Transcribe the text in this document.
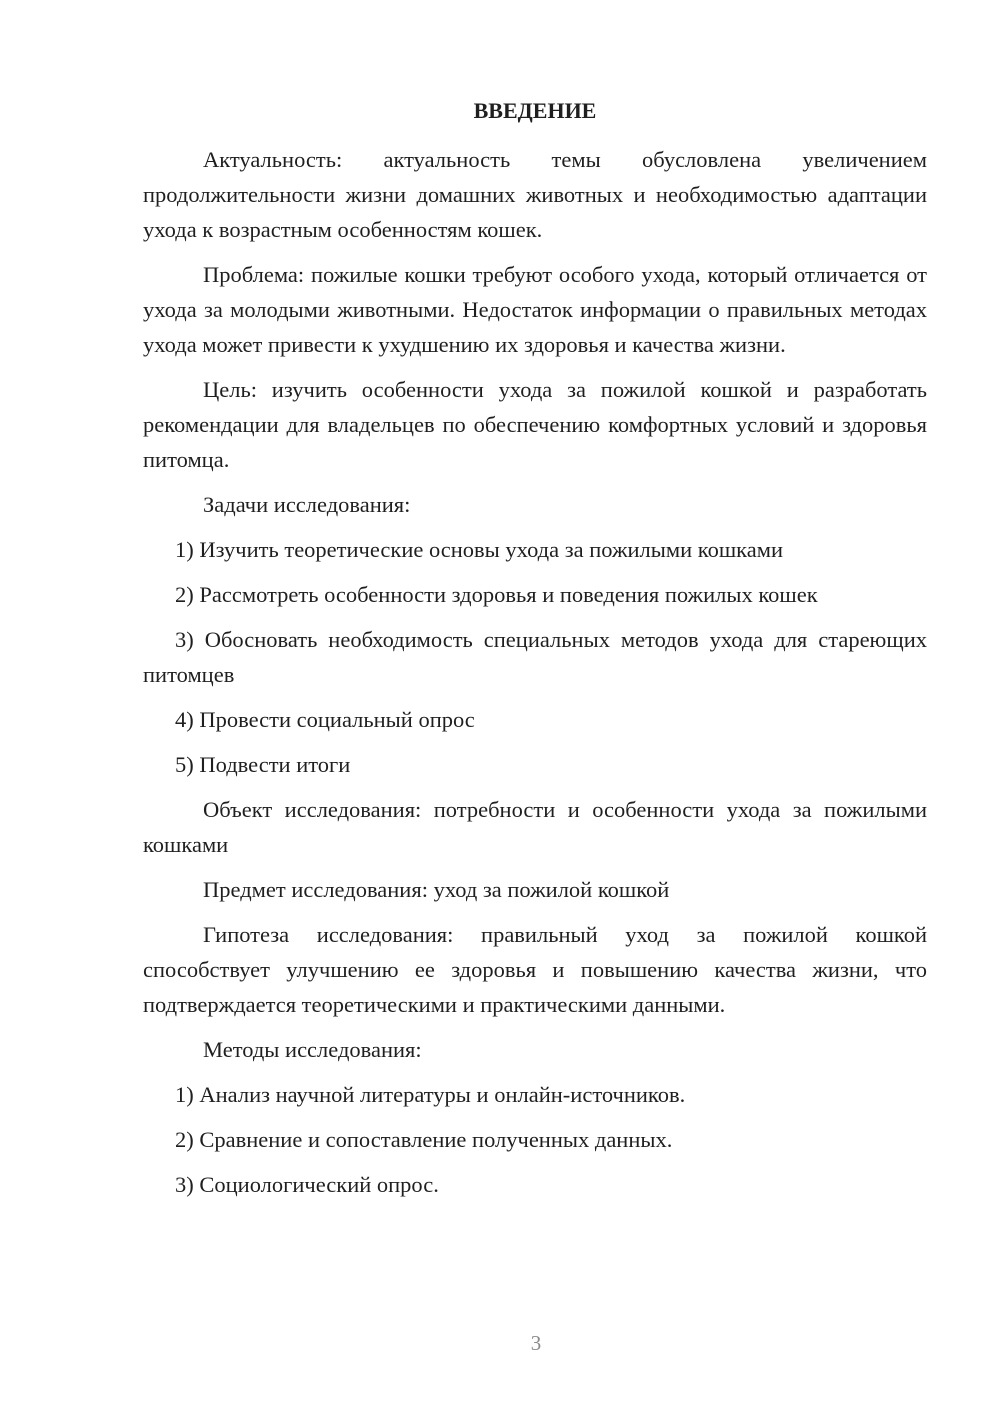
ВВЕДЕНИЕ

Актуальность: актуальность темы обусловлена увеличением продолжительности жизни домашних животных и необходимостью адаптации ухода к возрастным особенностям кошек.

Проблема: пожилые кошки требуют особого ухода, который отличается от ухода за молодыми животными. Недостаток информации о правильных методах ухода может привести к ухудшению их здоровья и качества жизни.

Цель: изучить особенности ухода за пожилой кошкой и разработать рекомендации для владельцев по обеспечению комфортных условий и здоровья питомца.

Задачи исследования:

1) Изучить теоретические основы ухода за пожилыми кошками

2) Рассмотреть особенности здоровья и поведения пожилых кошек

3) Обосновать необходимость специальных методов ухода для стареющих питомцев

4) Провести социальный опрос

5) Подвести итоги

Объект исследования: потребности и особенности ухода за пожилыми кошками

Предмет исследования: уход за пожилой кошкой

Гипотеза исследования: правильный уход за пожилой кошкой способствует улучшению ее здоровья и повышению качества жизни, что подтверждается теоретическими и практическими данными.

Методы исследования:

1) Анализ научной литературы и онлайн-источников.

2) Сравнение и сопоставление полученных данных.

3) Социологический опрос.

3
